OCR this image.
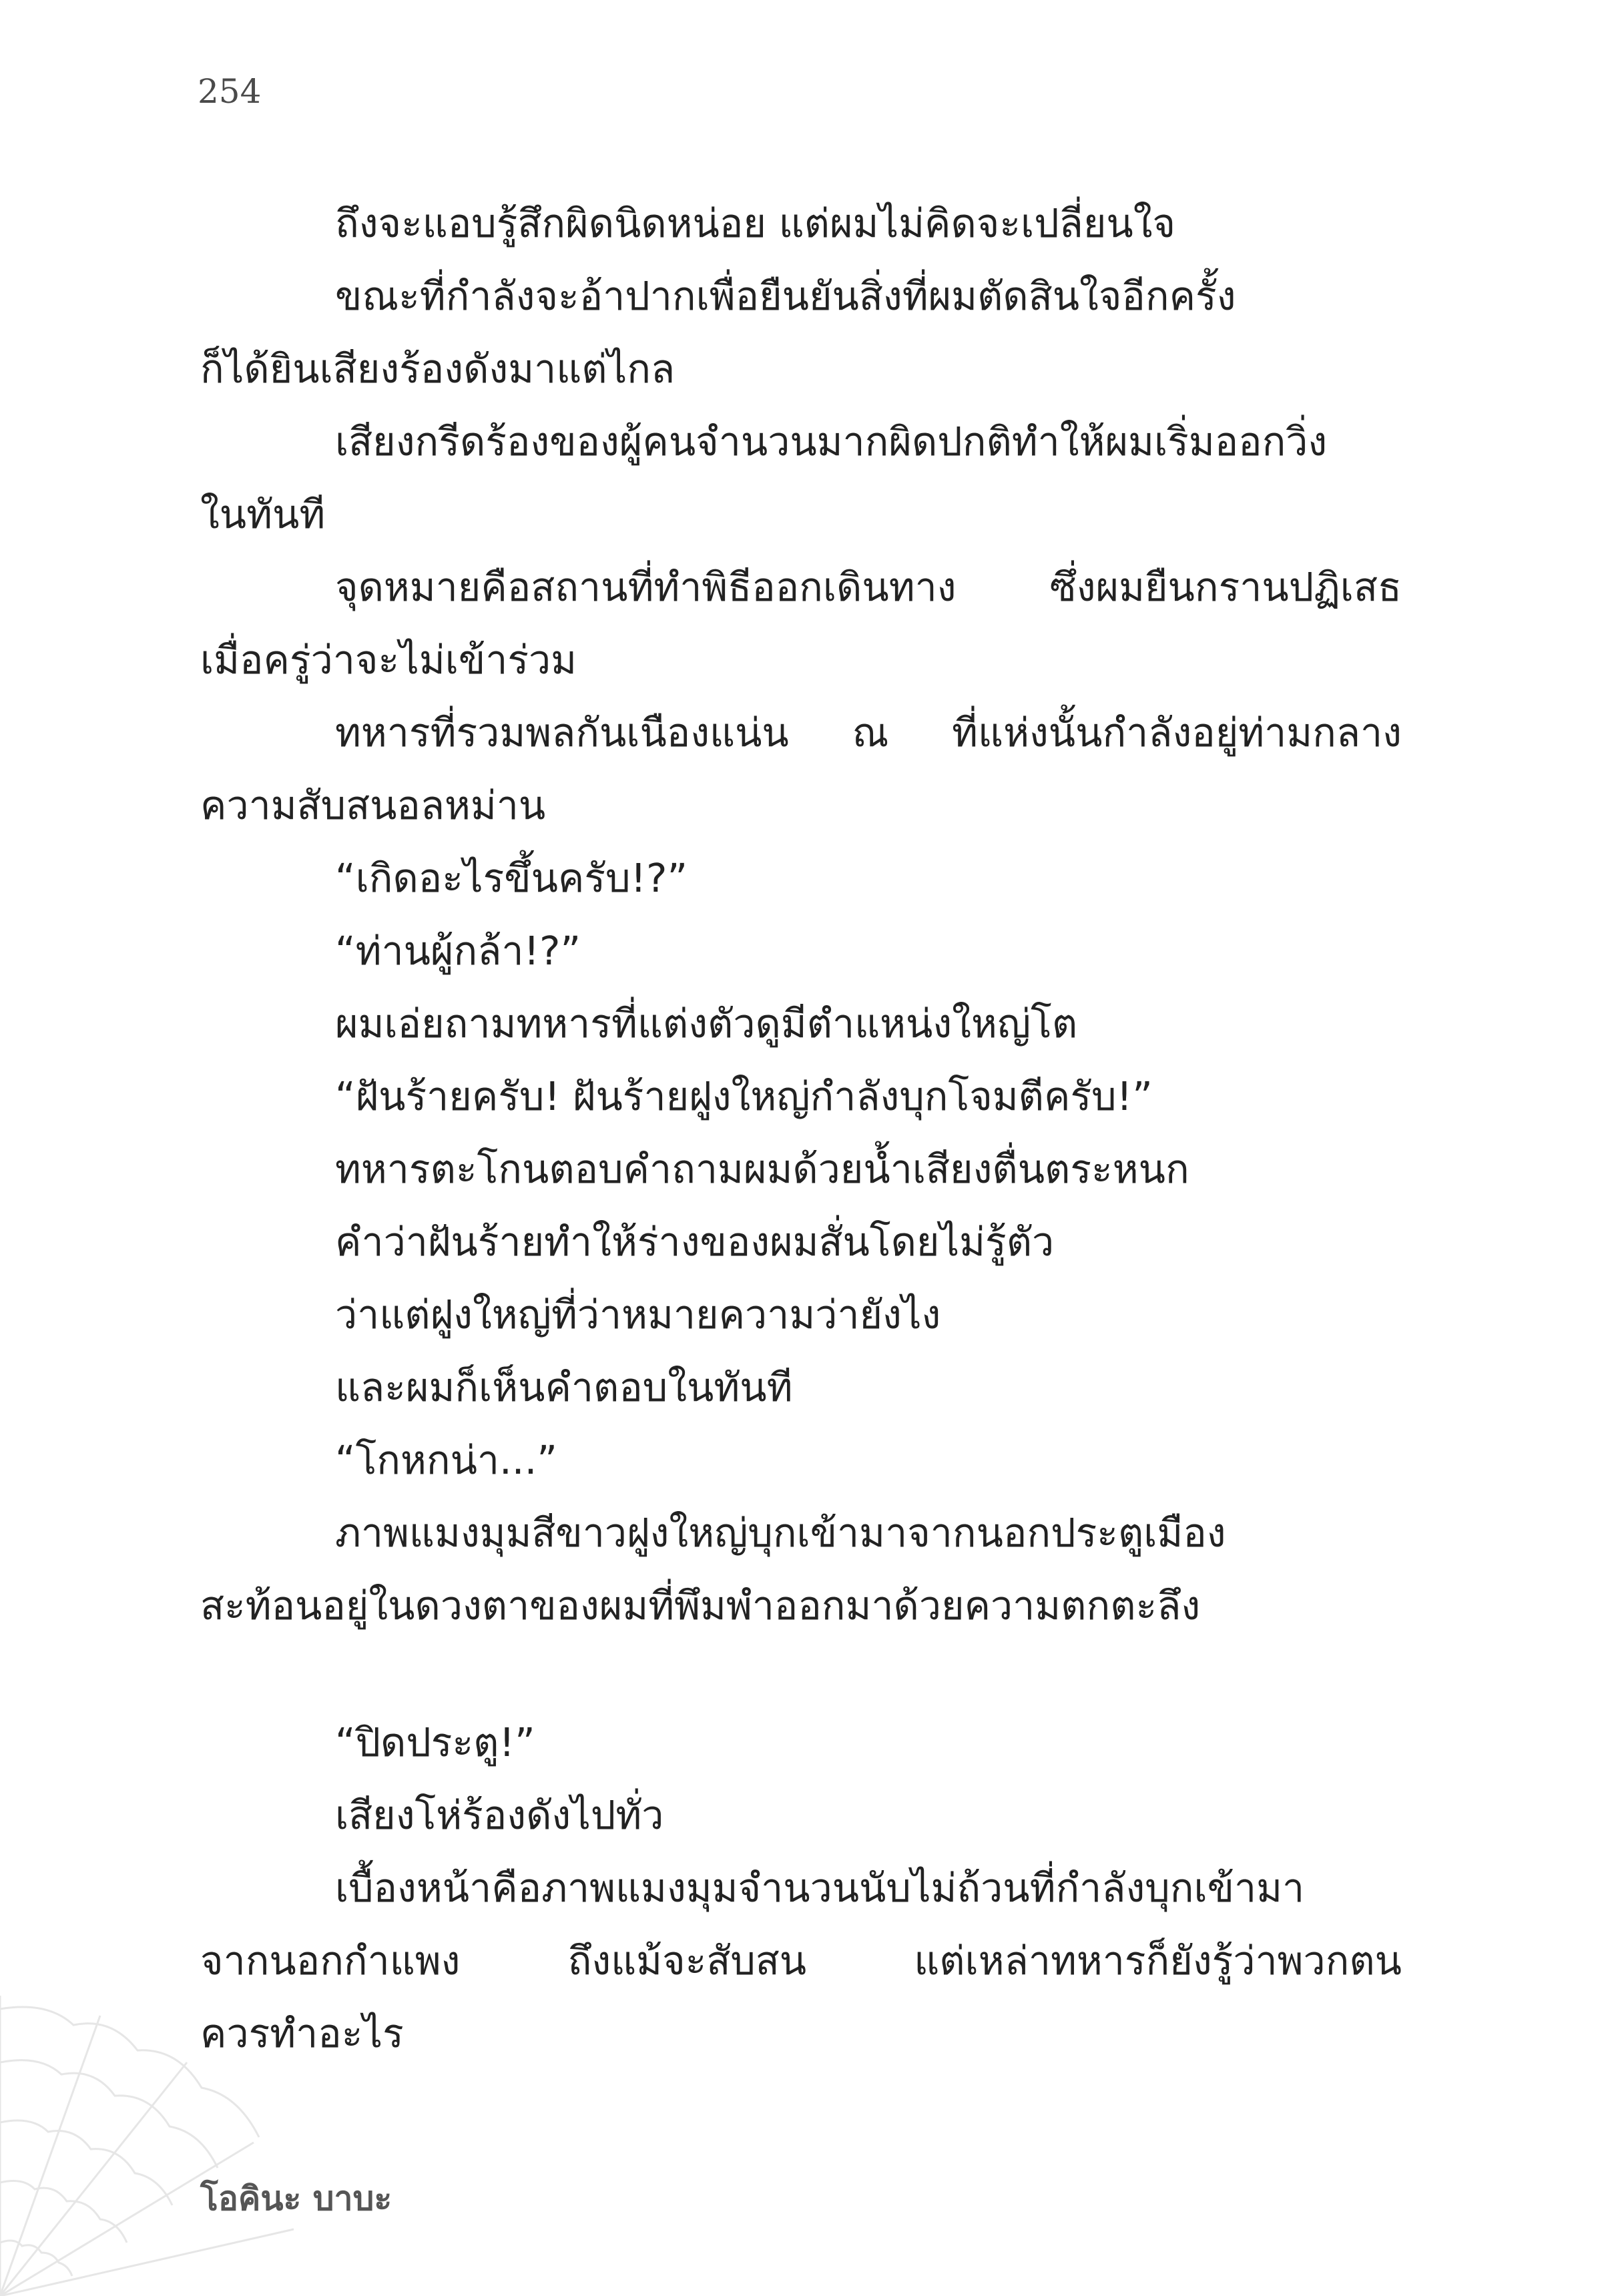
254
ถึงจะแอบรู้สึกผิดนิดหน่อย แต่ผมไม่คิดจะเปลี่ยนใจ
ขณะที่กำลังจะอ้าปากเพื่อยืนยันสิ่งที่ผมตัดสินใจอีกครั้ง
ก็ได้ยินเสียงร้องดังมาแต่ไกล
เสียงกรีดร้องของผู้คนจำนวนมากผิดปกติทำให้ผมเริ่มออกวิ่ง
ในทันที
จุดหมายคือสถานที่ทำพิธีออกเดินทาง ซึ่งผมยืนกรานปฏิเสธ
เมื่อครู่ว่าจะไม่เข้าร่วม
ทหารที่รวมพลกันเนืองแน่น ณ ที่แห่งนั้นกำลังอยู่ท่ามกลาง
ความสับสนอลหม่าน
“เกิดอะไรขึ้นครับ!?”
“ท่านผู้กล้า!?”
ผมเอ่ยถามทหารที่แต่งตัวดูมีตำแหน่งใหญ่โต
“ฝันร้ายครับ! ฝันร้ายฝูงใหญ่กำลังบุกโจมตีครับ!”
ทหารตะโกนตอบคำถามผมด้วยน้ำเสียงตื่นตระหนก
คำว่าฝันร้ายทำให้ร่างของผมสั่นโดยไม่รู้ตัว
ว่าแต่ฝูงใหญ่ที่ว่าหมายความว่ายังไง
และผมก็เห็นคำตอบในทันที
“โกหกน่า...”
ภาพแมงมุมสีขาวฝูงใหญ่บุกเข้ามาจากนอกประตูเมือง
สะท้อนอยู่ในดวงตาของผมที่พึมพำออกมาด้วยความตกตะลึง
“ปิดประตู!”
เสียงโห่ร้องดังไปทั่ว
เบื้องหน้าคือภาพแมงมุมจำนวนนับไม่ถ้วนที่กำลังบุกเข้ามา
จากนอกกำแพง ถึงแม้จะสับสน แต่เหล่าทหารก็ยังรู้ว่าพวกตน
ควรทำอะไร
โอคินะ บาบะ
